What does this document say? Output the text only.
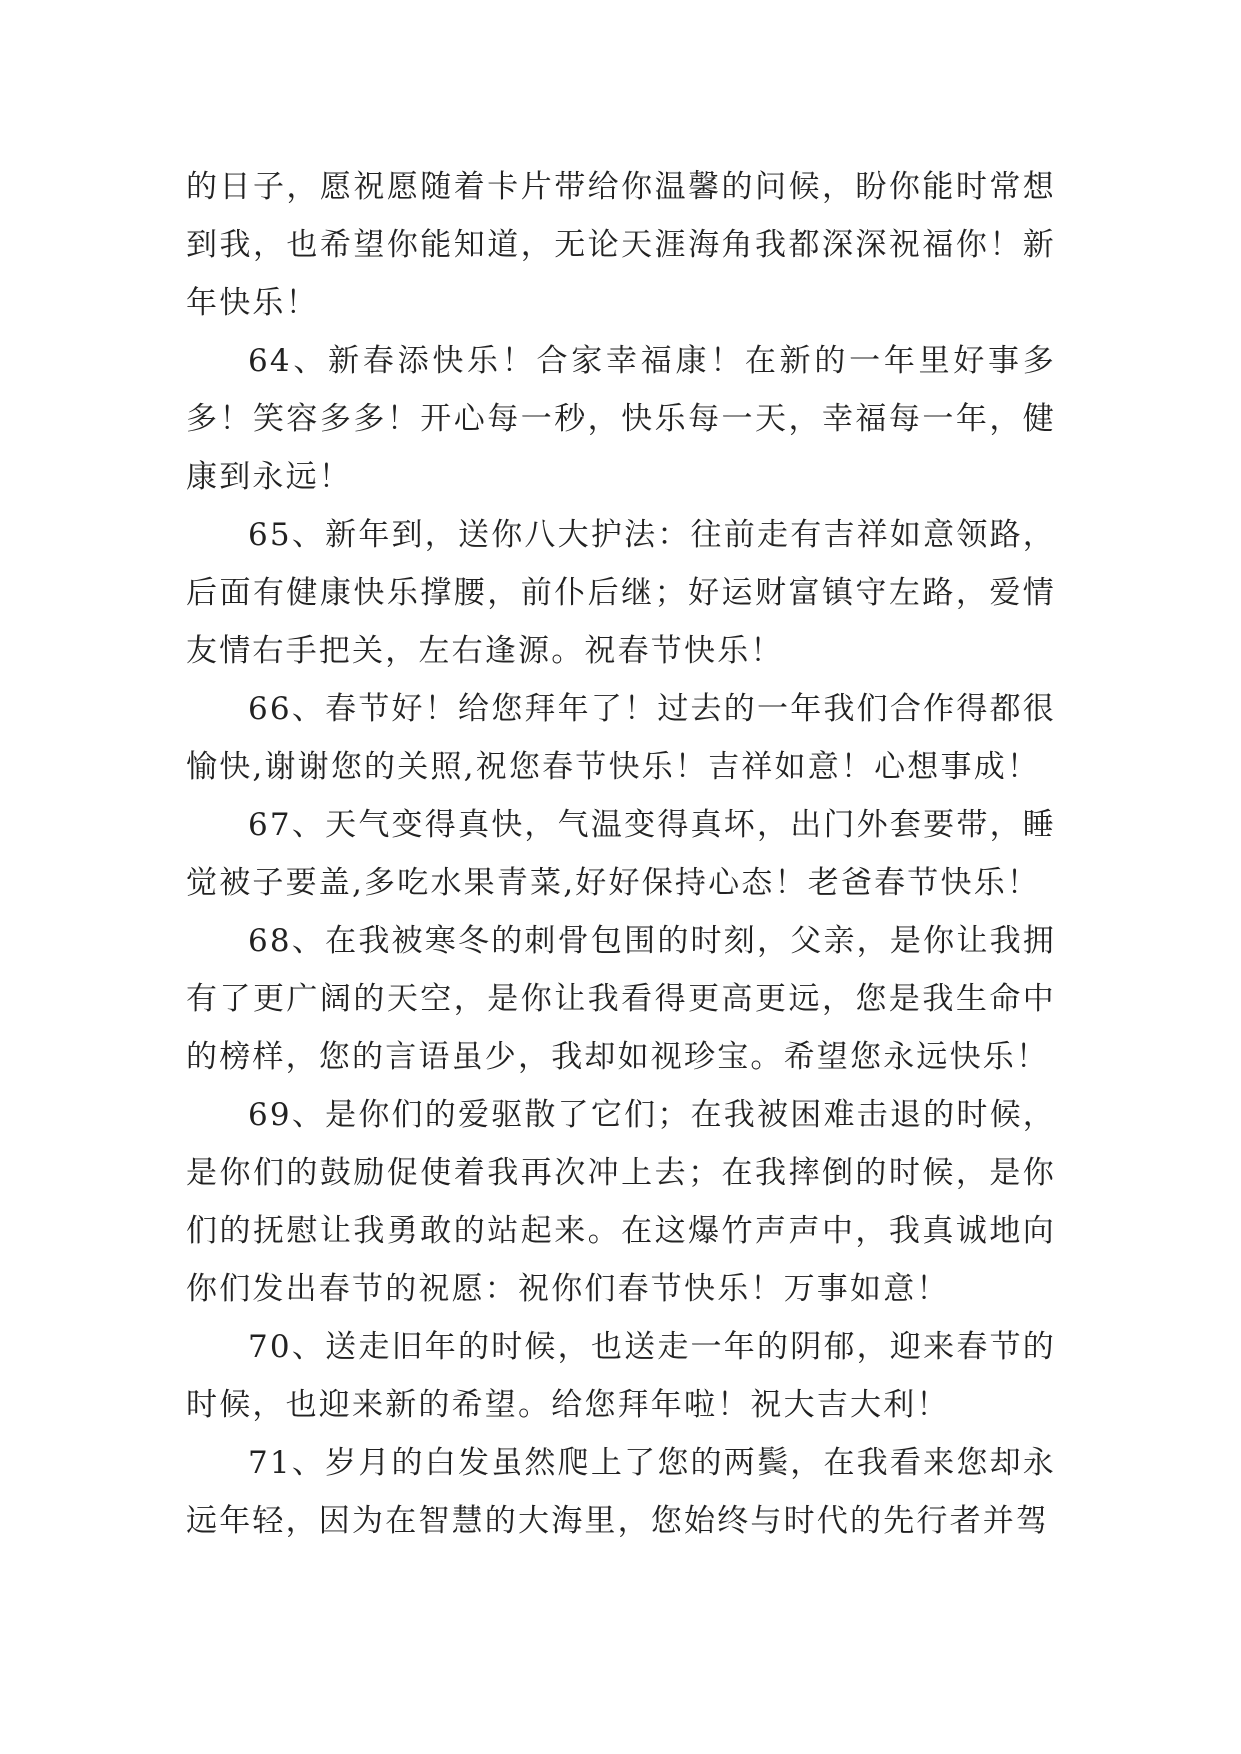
的日子，愿祝愿随着卡片带给你温馨的问候，盼你能时常想到我，也希望你能知道，无论天涯海角我都深深祝福你！新年快乐！

64、新春添快乐！合家幸福康！在新的一年里好事多多！笑容多多！开心每一秒，快乐每一天，幸福每一年，健康到永远！

65、新年到，送你八大护法：往前走有吉祥如意领路，后面有健康快乐撑腰，前仆后继；好运财富镇守左路，爱情友情右手把关，左右逢源。祝春节快乐！

66、春节好！给您拜年了！过去的一年我们合作得都很愉快,谢谢您的关照,祝您春节快乐！吉祥如意！心想事成！

67、天气变得真快，气温变得真坏，出门外套要带，睡觉被子要盖,多吃水果青菜,好好保持心态！老爸春节快乐！

68、在我被寒冬的刺骨包围的时刻，父亲，是你让我拥有了更广阔的天空，是你让我看得更高更远，您是我生命中的榜样，您的言语虽少，我却如视珍宝。希望您永远快乐！

69、是你们的爱驱散了它们；在我被困难击退的时候，是你们的鼓励促使着我再次冲上去；在我摔倒的时候，是你们的抚慰让我勇敢的站起来。在这爆竹声声中，我真诚地向你们发出春节的祝愿：祝你们春节快乐！万事如意！

70、送走旧年的时候，也送走一年的阴郁，迎来春节的时候，也迎来新的希望。给您拜年啦！祝大吉大利！

71、岁月的白发虽然爬上了您的两鬓，在我看来您却永远年轻，因为在智慧的大海里，您始终与时代的先行者并驾
